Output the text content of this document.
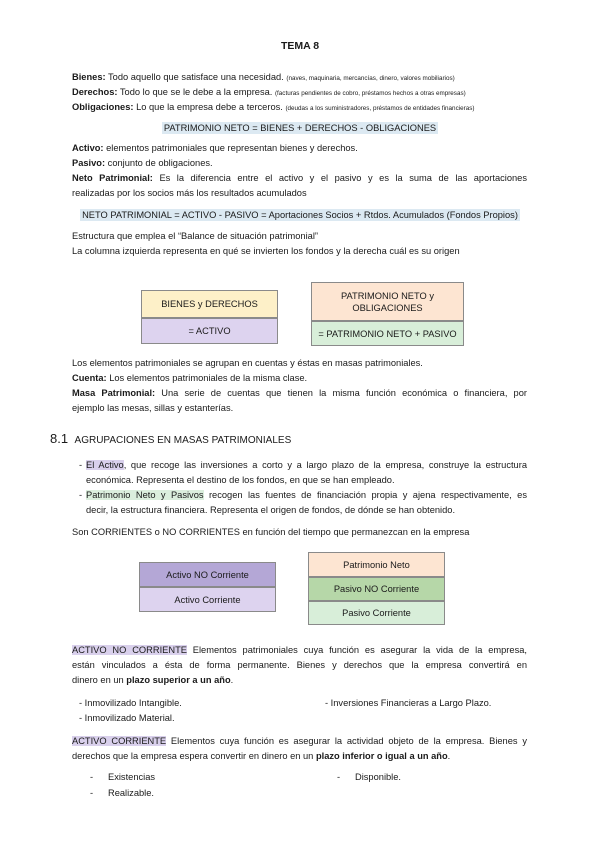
TEMA 8
Bienes: Todo aquello que satisface una necesidad. (naves, maquinaria, mercancías, dinero, valores mobiliarios)
Derechos: Todo lo que se le debe a la empresa. (facturas pendientes de cobro, préstamos hechos a otras empresas)
Obligaciones: Lo que la empresa debe a terceros. (deudas a los suministradores, préstamos de entidades financieras)
PATRIMONIO NETO = BIENES + DERECHOS - OBLIGACIONES
Activo: elementos patrimoniales que representan bienes y derechos.
Pasivo: conjunto de obligaciones.
Neto Patrimonial: Es la diferencia entre el activo y el pasivo y es la suma de las aportaciones
realizadas por los socios más los resultados acumulados
NETO PATRIMONIAL = ACTIVO - PASIVO = Aportaciones Socios + Rtdos. Acumulados (Fondos Propios)
Estructura que emplea el “Balance de situación patrimonial”
La columna izquierda representa en qué se invierten los fondos y la derecha cuál es su origen
BIENES y DERECHOS
= ACTIVO
PATRIMONIO NETO y OBLIGACIONES
= PATRIMONIO NETO + PASIVO
Los elementos patrimoniales se agrupan en cuentas y éstas en masas patrimoniales.
Cuenta: Los elementos patrimoniales de la misma clase.
Masa Patrimonial: Una serie de cuentas que tienen la misma función económica o financiera, por
ejemplo las mesas, sillas y estanterías.
8.1 AGRUPACIONES EN MASAS PATRIMONIALES
- El Activo, que recoge las inversiones a corto y a largo plazo de la empresa, construye la estructura
económica. Representa el destino de los fondos, en que se han empleado.
- Patrimonio Neto y Pasivos recogen las fuentes de financiación propia y ajena respectivamente, es
decir, la estructura financiera. Representa el origen de fondos, de dónde se han obtenido.
Son CORRIENTES o NO CORRIENTES en función del tiempo que permanezcan en la empresa
Activo NO Corriente
Activo Corriente
Patrimonio Neto
Pasivo NO Corriente
Pasivo Corriente
ACTIVO NO CORRIENTE Elementos patrimoniales cuya función es asegurar la vida de la empresa,
están vinculados a ésta de forma permanente. Bienes y derechos que la empresa convertirá en
dinero en un plazo superior a un año.
- Inmovilizado Intangible.	- Inversiones Financieras a Largo Plazo.
- Inmovilizado Material.
ACTIVO CORRIENTE Elementos cuya función es asegurar la actividad objeto de la empresa. Bienes y
derechos que la empresa espera convertir en dinero en un plazo inferior o igual a un año.
- Existencias	- Disponible.
- Realizable.
